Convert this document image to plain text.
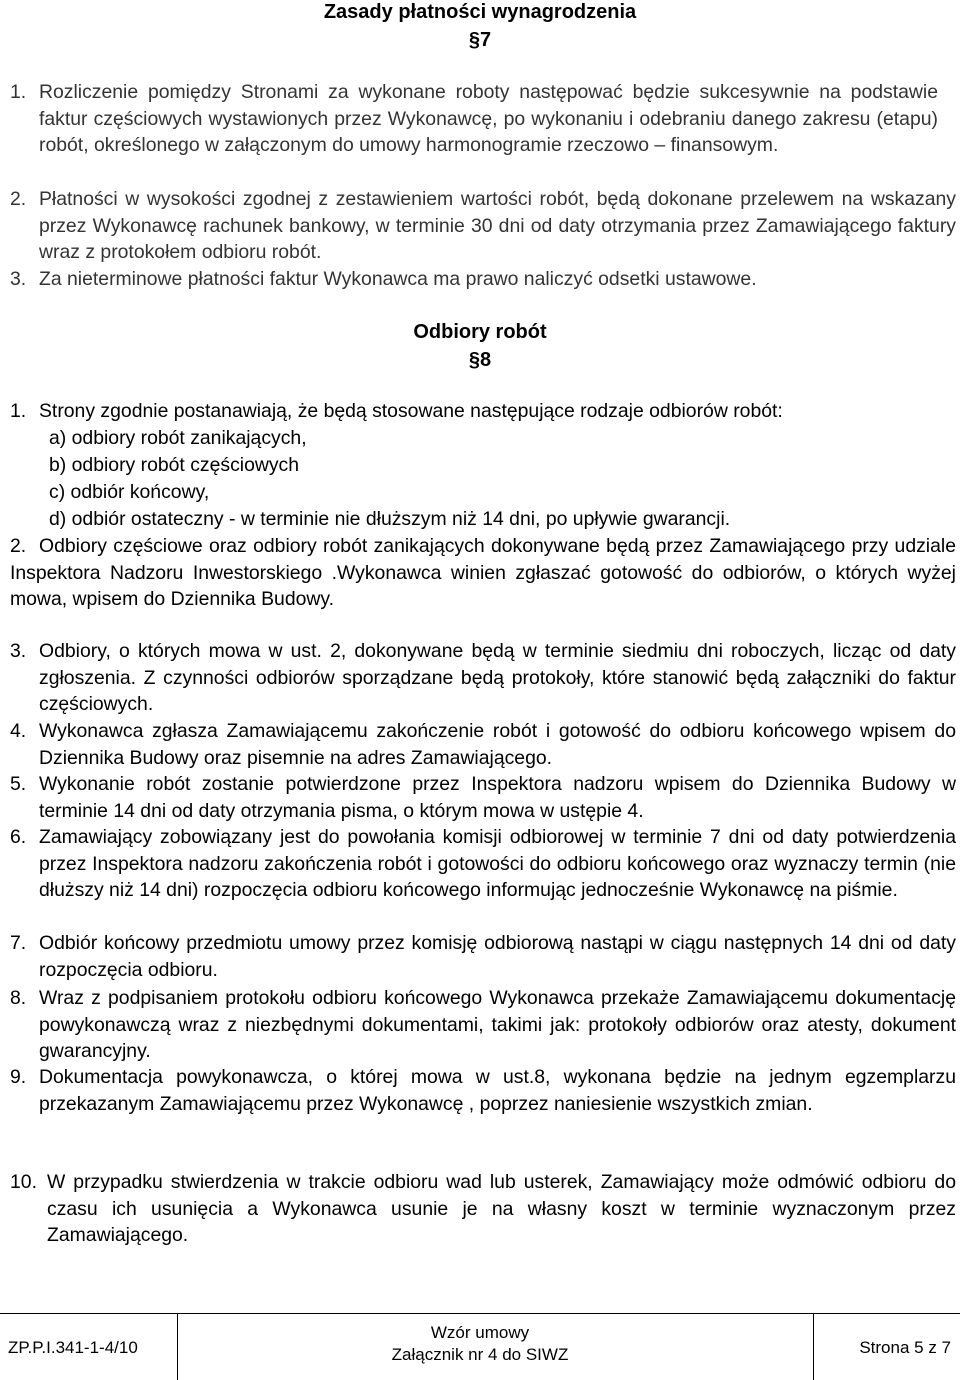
Zasady płatności wynagrodzenia
§7
1. Rozliczenie pomiędzy Stronami za wykonane roboty następować będzie sukcesywnie na podstawie faktur częściowych wystawionych przez Wykonawcę, po wykonaniu i odebraniu danego zakresu (etapu) robót, określonego w załączonym do umowy harmonogramie rzeczowo – finansowym.
2. Płatności w wysokości zgodnej z zestawieniem wartości robót, będą dokonane przelewem na wskazany przez Wykonawcę rachunek bankowy, w terminie 30 dni od daty otrzymania przez Zamawiającego faktury wraz z protokołem odbioru robót.
3. Za nieterminowe płatności faktur Wykonawca ma prawo naliczyć odsetki ustawowe.
Odbiory robót
§8
1. Strony zgodnie postanawiają, że będą stosowane następujące rodzaje odbiorów robót:
a) odbiory robót zanikających,
b) odbiory robót częściowych
c) odbiór końcowy,
d) odbiór ostateczny - w terminie nie dłuższym niż 14 dni, po upływie gwarancji.
2. Odbiory częściowe oraz odbiory robót zanikających dokonywane będą przez Zamawiającego przy udziale Inspektora Nadzoru Inwestorskiego .Wykonawca winien zgłaszać gotowość do odbiorów, o których wyżej mowa, wpisem do Dziennika Budowy.
3. Odbiory, o których mowa w ust. 2, dokonywane będą w terminie siedmiu dni roboczych, licząc od daty zgłoszenia. Z czynności odbiorów sporządzane będą protokoły, które stanowić będą załączniki do faktur częściowych.
4. Wykonawca zgłasza Zamawiającemu zakończenie robót i gotowość do odbioru końcowego wpisem do Dziennika Budowy oraz pisemnie na adres Zamawiającego.
5. Wykonanie robót zostanie potwierdzone przez Inspektora nadzoru wpisem do Dziennika Budowy w terminie 14 dni od daty otrzymania pisma, o którym mowa w ustępie 4.
6. Zamawiający zobowiązany jest do powołania komisji odbiorowej w terminie 7 dni od daty potwierdzenia przez Inspektora nadzoru zakończenia robót i gotowości do odbioru końcowego oraz wyznaczy termin (nie dłuższy niż 14 dni) rozpoczęcia odbioru końcowego informując jednocześnie Wykonawcę na piśmie.
7. Odbiór końcowy przedmiotu umowy przez komisję odbiorową nastąpi w ciągu następnych 14 dni od daty rozpoczęcia odbioru.
8. Wraz z podpisaniem protokołu odbioru końcowego Wykonawca przekaże Zamawiającemu dokumentację powykonawczą wraz z niezbędnymi dokumentami, takimi jak: protokoły odbiorów oraz atesty, dokument gwarancyjny.
9. Dokumentacja powykonawcza, o której mowa w ust.8, wykonana będzie na jednym egzemplarzu przekazanym Zamawiającemu przez Wykonawcę , poprzez naniesienie wszystkich zmian.
10. W przypadku stwierdzenia w trakcie odbioru wad lub usterek, Zamawiający może odmówić odbioru do czasu ich usunięcia a Wykonawca usunie je na własny koszt w terminie wyznaczonym przez Zamawiającego.
ZP.P.I.341-1-4/10
Wzór umowy
Załącznik nr 4 do SIWZ	Strona 5 z 7
